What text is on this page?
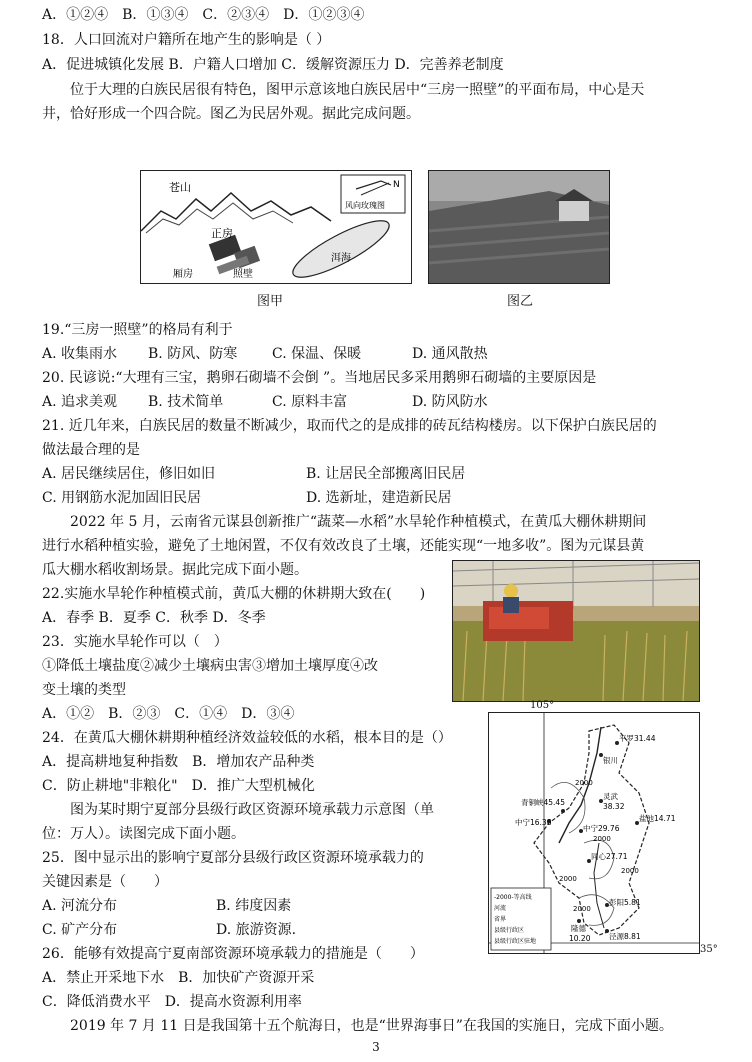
A．①②④　B．①③④　C．②③④　D．①②③④
18．人口回流对户籍所在地产生的影响是（ ）
A．促进城镇化发展 B．户籍人口增加 C．缓解资源压力 D．完善养老制度
位于大理的白族民居很有特色，图甲示意该地白族民居中“三房一照壁”的平面布局，中心是天
井，恰好形成一个四合院。图乙为民居外观。据此完成问题。
苍山	N
风向玫瑰图
正房
厢房	照壁
洱海
图甲	图乙
19.“三房一照壁”的格局有利于
A. 收集雨水 B. 防风、防寒 C. 保温、保暖	D. 通风散热
20. 民谚说:“大理有三宝，鹅卵石砌墙不会倒 ”。当地居民多采用鹅卵石砌墙的主要原因是
A. 追求美观 B. 技术简单	C. 原料丰富	D. 防风防水
21. 近几年来，白族民居的数量不断减少，取而代之的是成排的砖瓦结构楼房。以下保护白族民居的
做法最合理的是
A. 居民继续居住，修旧如旧	B. 让居民全部搬离旧民居
C. 用钢筋水泥加固旧民居	D. 选新址，建造新民居
2022 年 5 月，云南省元谋县创新推广“蔬菜—水稻”水旱轮作种植模式，在黄瓜大棚休耕期间
进行水稻种植实验，避免了土地闲置，不仅有效改良了土壤，还能实现“一地多收”。图为元谋县黄
瓜大棚水稻收割场景。据此完成下面小题。
22.实施水旱轮作种植模式前，黄瓜大棚的休耕期大致在(　　)
A．春季 B．夏季 C．秋季 D．冬季
23．实施水旱轮作可以（　）
①降低土壤盐度②减少土壤病虫害③增加土壤厚度④改
变土壤的类型
A．①②　B．②③　C．①④　D．③④
2000
2000
2000
2000
2000
平罗31.44
银川
青铜峡45.45
中宁16.36
灵武
38.32
盐池14.71
中宁29.76
同心27.71
彭阳5.81
隆德
10.20 泾源8.81
-2000-等高线
河流
省界
县级行政区
县级行政区驻地
105°
35°
24．在黄瓜大棚休耕期种植经济效益较低的水稻，根本目的是（）
A．提高耕地复种指数　B．增加农产品种类
C．防止耕地"非粮化"　D．推广大型机械化
图为某时期宁夏部分县级行政区资源环境承载力示意图（单
位：万人）。读图完成下面小题。
25．图中显示出的影响宁夏部分县级行政区资源环境承载力的
关键因素是（　　）
A. 河流分布	B. 纬度因素
C. 矿产分布	D. 旅游资源.
26．能够有效提高宁夏南部资源环境承载力的措施是（　　）
A．禁止开采地下水　B．加快矿产资源开采
C．降低消费水平　D．提高水资源利用率
2019 年 7 月 11 日是我国第十五个航海日，也是“世界海事日”在我国的实施日，完成下面小题。
3
